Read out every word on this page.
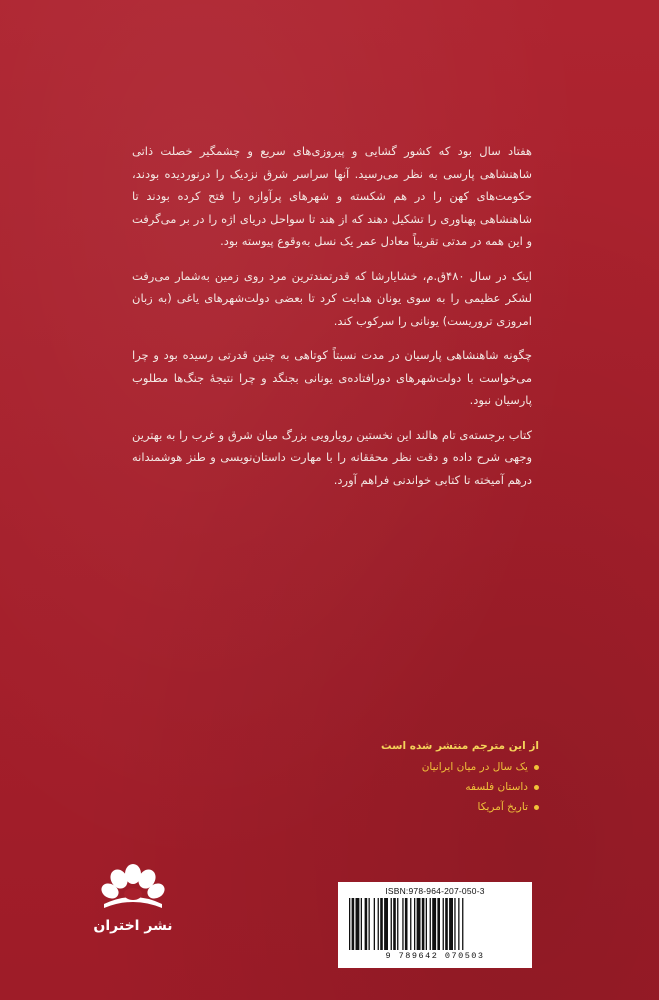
هفتاد سال بود که کشور گشایی و پیروزی‌های سریع و چشمگیر خصلت ذاتی شاهنشاهی پارسی به نظر می‌رسید. آنها سراسر شرق نزدیک را درنوردیده بودند، حکومت‌های کهن را در هم شکسته و شهرهای پرآوازه را فتح کرده بودند تا شاهنشاهی پهناوری را تشکیل دهند که از هند تا سواحل دریای اژه را در بر می‌گرفت و این همه در مدتی تقریباً معادل عمر یک نسل به‌وقوع پیوسته بود.

اینک در سال ۴۸۰ق.م، خشایارشا که قدرتمندترین مرد روی زمین به‌شمار می‌رفت لشکر عظیمی را به سوی یونان هدایت کرد تا بعضی دولت‌شهرهای یاغی (به زبان امروزی تروریست) یونانی را سرکوب کند.

چگونه شاهنشاهی پارسیان در مدت نسبتاً کوتاهی به چنین قدرتی رسیده بود و چرا می‌خواست با دولت‌شهرهای دورافتاده‌ی یونانی بجنگد و چرا نتیجهٔ جنگ‌ها مطلوب پارسیان نبود.

کتاب برجسته‌ی تام هالند این نخستین رویارویی بزرگ میان شرق و غرب را به بهترین وجهی شرح داده و دقت نظر محققانه را با مهارت داستان‌نویسی و طنز هوشمندانه درهم آمیخته تا کتابی خواندنی فراهم آورد.

از این مترجم منتشر شده است
یک سال در میان ایرانیان
داستان فلسفه
تاریخ آمریکا
نشر اختران
ISBN:978-964-207-050-3
9 789642 070503
